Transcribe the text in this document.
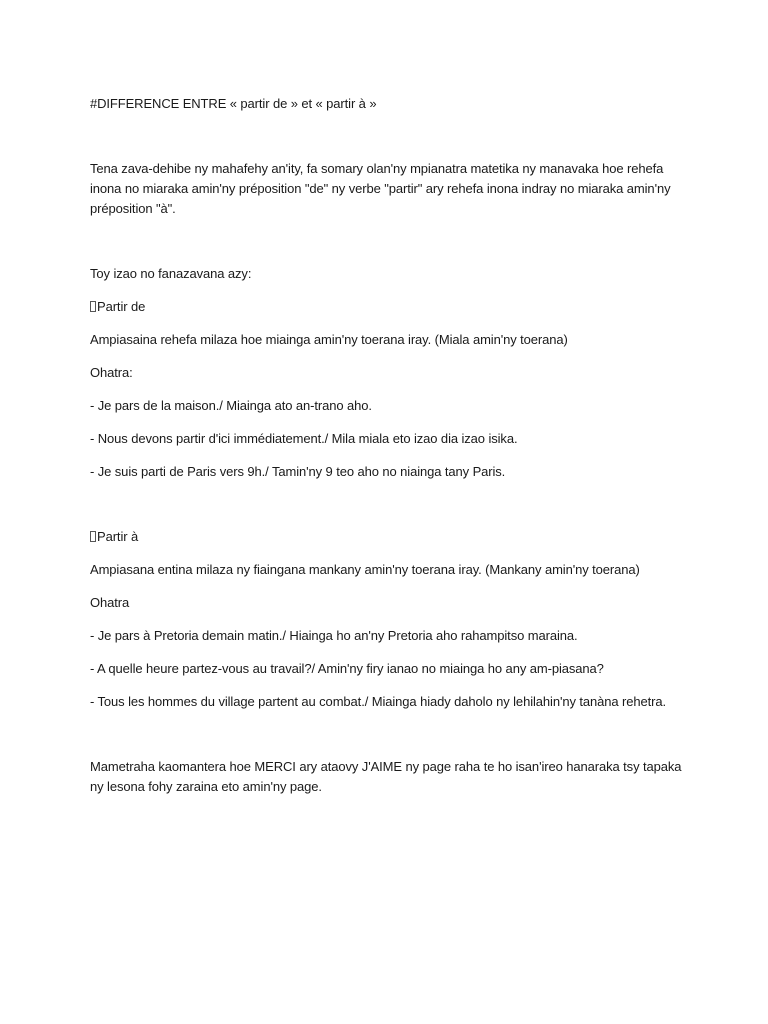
#DIFFERENCE ENTRE « partir de » et « partir à »

Tena zava-dehibe ny mahafehy an'ity, fa somary olan'ny mpianatra matetika ny manavaka hoe rehefa

inona no miaraka amin'ny préposition "de" ny verbe "partir" ary rehefa inona indray no miaraka amin'ny

préposition "à".

Toy izao no fanazavana azy:

Partir de

Ampiasaina rehefa milaza hoe miainga amin'ny toerana iray. (Miala amin'ny toerana)

Ohatra:

- Je pars de la maison./ Miainga ato an-trano aho.

- Nous devons partir d'ici immédiatement./ Mila miala eto izao dia izao isika.

- Je suis parti de Paris vers 9h./ Tamin'ny 9 teo aho no niainga tany Paris.

Partir à

Ampiasana entina milaza ny fiaingana mankany amin'ny toerana iray. (Mankany amin'ny toerana)

Ohatra

- Je pars à Pretoria demain matin./ Hiainga ho an'ny Pretoria aho rahampitso maraina.

- A quelle heure partez-vous au travail?/ Amin'ny firy ianao no miainga ho any am-piasana?

- Tous les hommes du village partent au combat./ Miainga hiady daholo ny lehilahin'ny tanàna rehetra.

Mametraha kaomantera hoe MERCI ary ataovy J'AIME ny page raha te ho isan'ireo hanaraka tsy tapaka

ny lesona fohy zaraina eto amin'ny page.
